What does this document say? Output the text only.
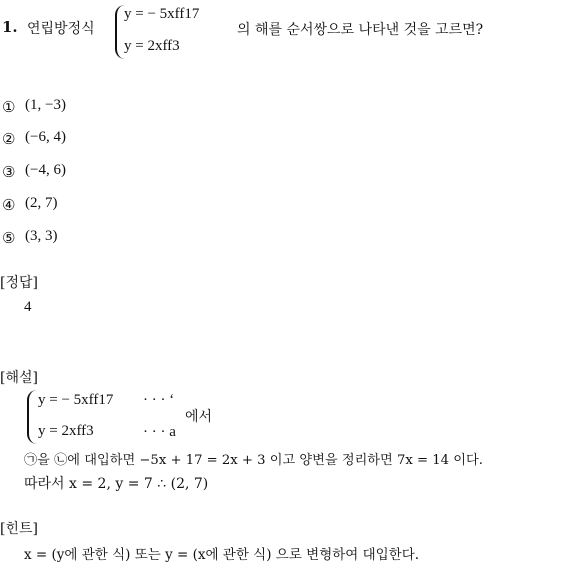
1. 연립방정식
y = − 5xff17
y = 2xff3
의 해를 순서쌍으로 나타낸 것을 고르면?
① (1, −3)
② (−6, 4)
③ (−4, 6)
④ (2, 7)
⑤ (3, 3)
[정답]
4
[해설]
y = − 5xff17
y = 2xff3
· · · ‘
· · · a
에서
㉠을 ㉡에 대입하면 −5x + 17 = 2x + 3 이고 양변을 정리하면 7x = 14 이다.
따라서 x = 2, y = 7 ∴ (2, 7)
[힌트]
x = (y에 관한 식) 또는 y = (x에 관한 식) 으로 변형하여 대입한다.
